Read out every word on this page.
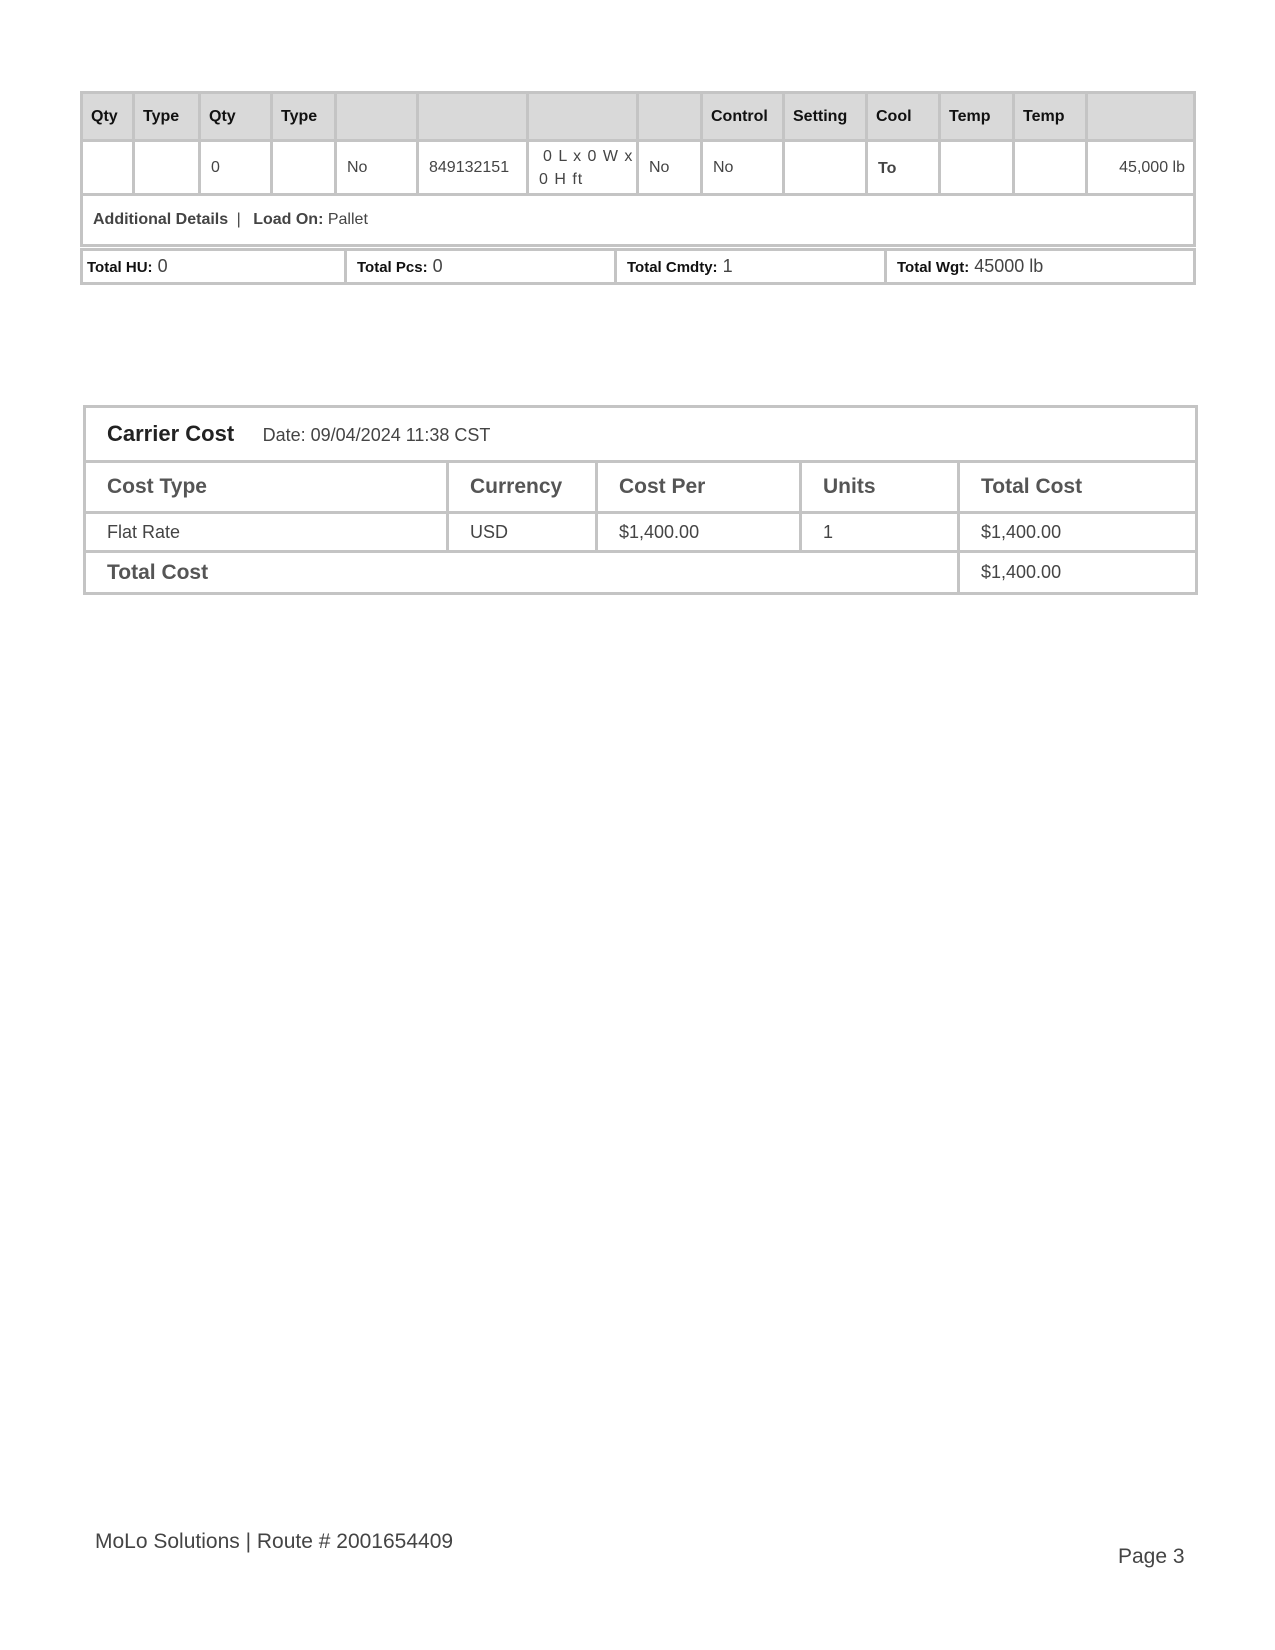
Qty	Type	Qty	Type					Control	Setting	Cool	Temp	Temp	
		0		No	849132151	0 L x 0 W x
0 H ft	No	No		To			45,000 lb
Additional Details | Load On: Pallet													
Total HU: 0	Total Pcs: 0	Total Cmdty: 1	Total Wgt: 45000 lb
Carrier Cost Date: 09/04/2024 11:38 CST				
Cost Type	Currency	Cost Per	Units	Total Cost
Flat Rate	USD	$1,400.00	1	$1,400.00
Total Cost				$1,400.00
MoLo Solutions | Route # 2001654409
Page 3
